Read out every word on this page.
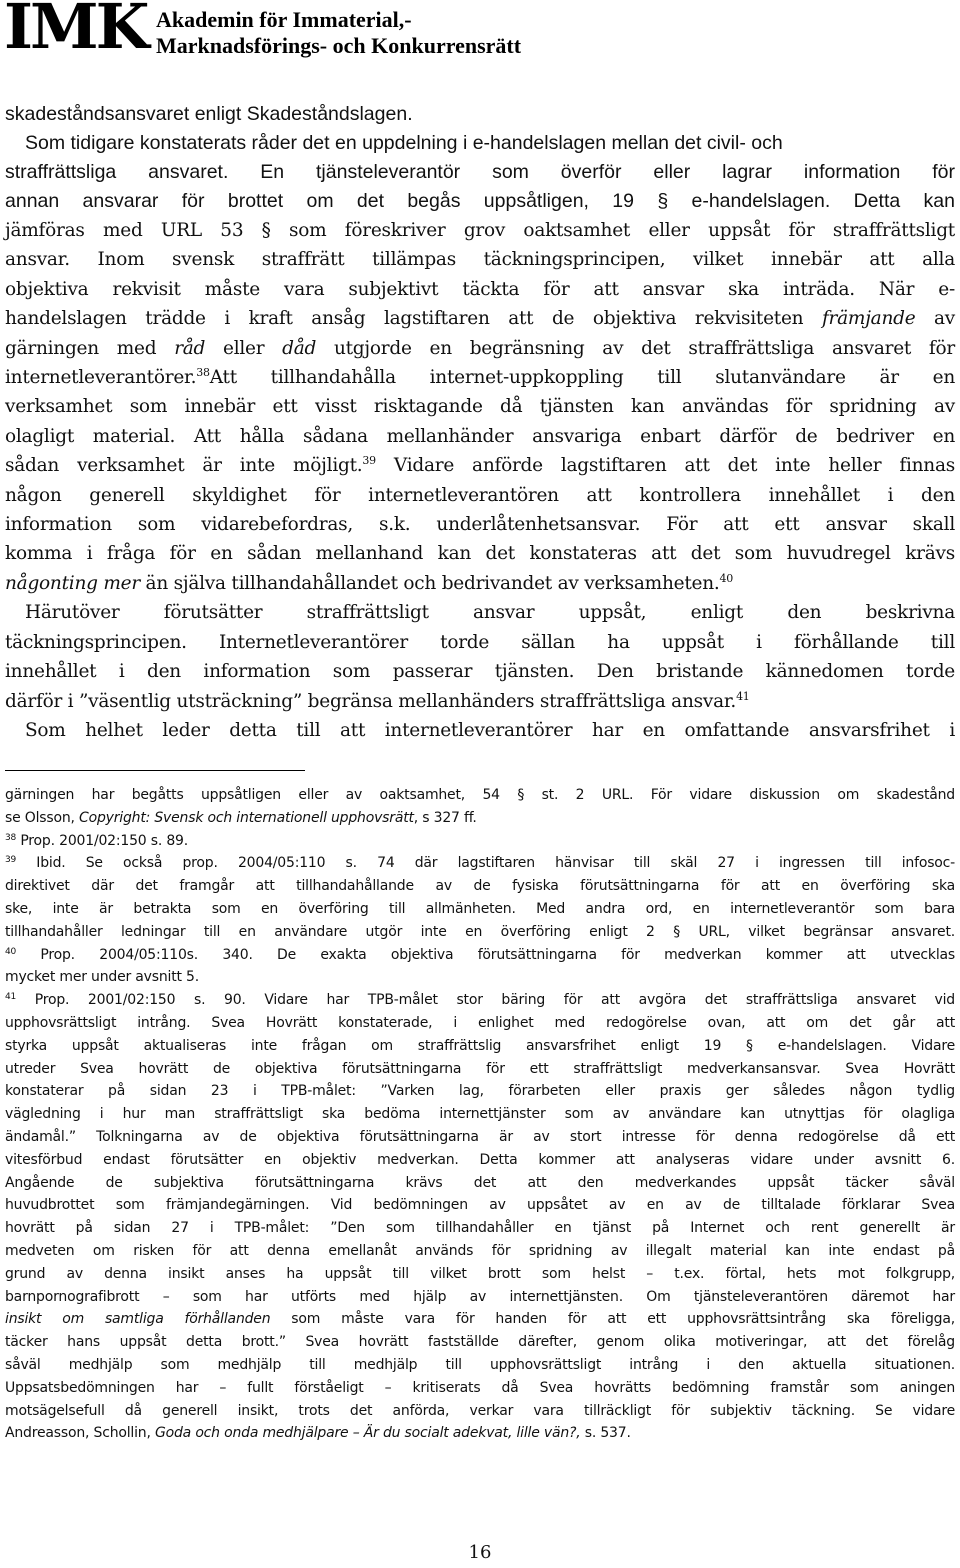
IMK Akademin för Immaterial,-
Marknadsförings- och Konkurrensrätt
skadeståndsansvaret enligt Skadeståndslagen.
Som tidigare konstaterats råder det en uppdelning i e-handelslagen mellan det civil- och
straffrättsliga ansvaret. En tjänsteleverantör som överför eller lagrar information för
annan ansvarar för brottet om det begås uppsåtligen, 19 § e-handelslagen. Detta kan
jämföras med URL 53 § som föreskriver grov oaktsamhet eller uppsåt för straffrättsligt
ansvar. Inom svensk straffrätt tillämpas täckningsprincipen, vilket innebär att alla
objektiva rekvisit måste vara subjektivt täckta för att ansvar ska inträda. När e-
handelslagen trädde i kraft ansåg lagstiftaren att de objektiva rekvisiteten främjande av
gärningen med råd eller dåd utgjorde en begränsning av det straffrättsliga ansvaret för
internetleverantörer.$^{38}$Att tillhandahålla internet-uppkoppling till slutanvändare är en
verksamhet som innebär ett visst risktagande då tjänsten kan användas för spridning av
olagligt material. Att hålla sådana mellanhänder ansvariga enbart därför de bedriver en
sådan verksamhet är inte möjligt.$^{39}$ Vidare anförde lagstiftaren att det inte heller finnas
någon generell skyldighet för internetleverantören att kontrollera innehållet i den
information som vidarebefordras, s.k. underlåtenhetsansvar. För att ett ansvar skall
komma i fråga för en sådan mellanhand kan det konstateras att det som huvudregel krävs
någonting mer än själva tillhandahållandet och bedrivandet av verksamheten.$^{40}$
Härutöver förutsätter straffrättsligt ansvar uppsåt, enligt den beskrivna
täckningsprincipen. Internetleverantörer torde sällan ha uppsåt i förhållande till
innehållet i den information som passerar tjänsten. Den bristande kännedomen torde
därför i ”väsentlig utsträckning” begränsa mellanhänders straffrättsliga ansvar.$^{41}$
Som helhet leder detta till att internetleverantörer har en omfattande ansvarsfrihet i
gärningen har begåtts uppsåtligen eller av oaktsamhet, 54 § st. 2 URL. För vidare diskussion om skadestånd
se Olsson, Copyright: Svensk och internationell upphovsrätt, s 327 ff.
$^{38}$ Prop. 2001/02:150 s. 89.
$^{39}$ Ibid. Se också prop. 2004/05:110 s. 74 där lagstiftaren hänvisar till skäl 27 i ingressen till infosoc-
direktivet där det framgår att tillhandahållande av de fysiska förutsättningarna för att en överföring ska
ske, inte är betrakta som en överföring till allmänheten. Med andra ord, en internetleverantör som bara
tillhandahåller ledningar till en användare utgör inte en överföring enligt 2 § URL, vilket begränsar ansvaret.
$^{40}$ Prop. 2004/05:110s. 340. De exakta objektiva förutsättningarna för medverkan kommer att utvecklas
mycket mer under avsnitt 5.
$^{41}$ Prop. 2001/02:150 s. 90. Vidare har TPB-målet stor bäring för att avgöra det straffrättsliga ansvaret vid
upphovsrättsligt intrång. Svea Hovrätt konstaterade, i enlighet med redogörelse ovan, att om det går att
styrka uppsåt aktualiseras inte frågan om straffrättslig ansvarsfrihet enligt 19 § e-handelslagen. Vidare
utreder Svea hovrätt de objektiva förutsättningarna för ett straffrättsligt medverkansansvar. Svea Hovrätt
konstaterar på sidan 23 i TPB-målet: ”Varken lag, förarbeten eller praxis ger således någon tydlig
vägledning i hur man straffrättsligt ska bedöma internettjänster som av användare kan utnyttjas för olagliga
ändamål.” Tolkningarna av de objektiva förutsättningarna är av stort intresse för denna redogörelse då ett
vitesförbud endast förutsätter en objektiv medverkan. Detta kommer att analyseras vidare under avsnitt 6.
Angående de subjektiva förutsättningarna krävs det att den medverkandes uppsåt täcker såväl
huvudbrottet som främjandegärningen. Vid bedömningen av uppsåtet av en av de tilltalade förklarar Svea
hovrätt på sidan 27 i TPB-målet: ”Den som tillhandahåller en tjänst på Internet och rent generellt är
medveten om risken för att denna emellanåt används för spridning av illegalt material kan inte endast på
grund av denna insikt anses ha uppsåt till vilket brott som helst – t.ex. förtal, hets mot folkgrupp,
barnpornografibrott – som har utförts med hjälp av internettjänsten. Om tjänsteleverantören däremot har
insikt om samtliga förhållanden som måste vara för handen för att ett upphovsrättsintrång ska föreligga,
täcker hans uppsåt detta brott.” Svea hovrätt fastställde därefter, genom olika motiveringar, att det förelåg
såväl medhjälp som medhjälp till medhjälp till upphovsrättsligt intrång i den aktuella situationen.
Uppsatsbedömningen har – fullt förståeligt – kritiserats då Svea hovrätts bedömning framstår som aningen
motsägelsefull då generell insikt, trots det anförda, verkar vara tillräckligt för subjektiv täckning. Se vidare
Andreasson, Schollin, Goda och onda medhjälpare – Är du socialt adekvat, lille vän?, s. 537.
16
